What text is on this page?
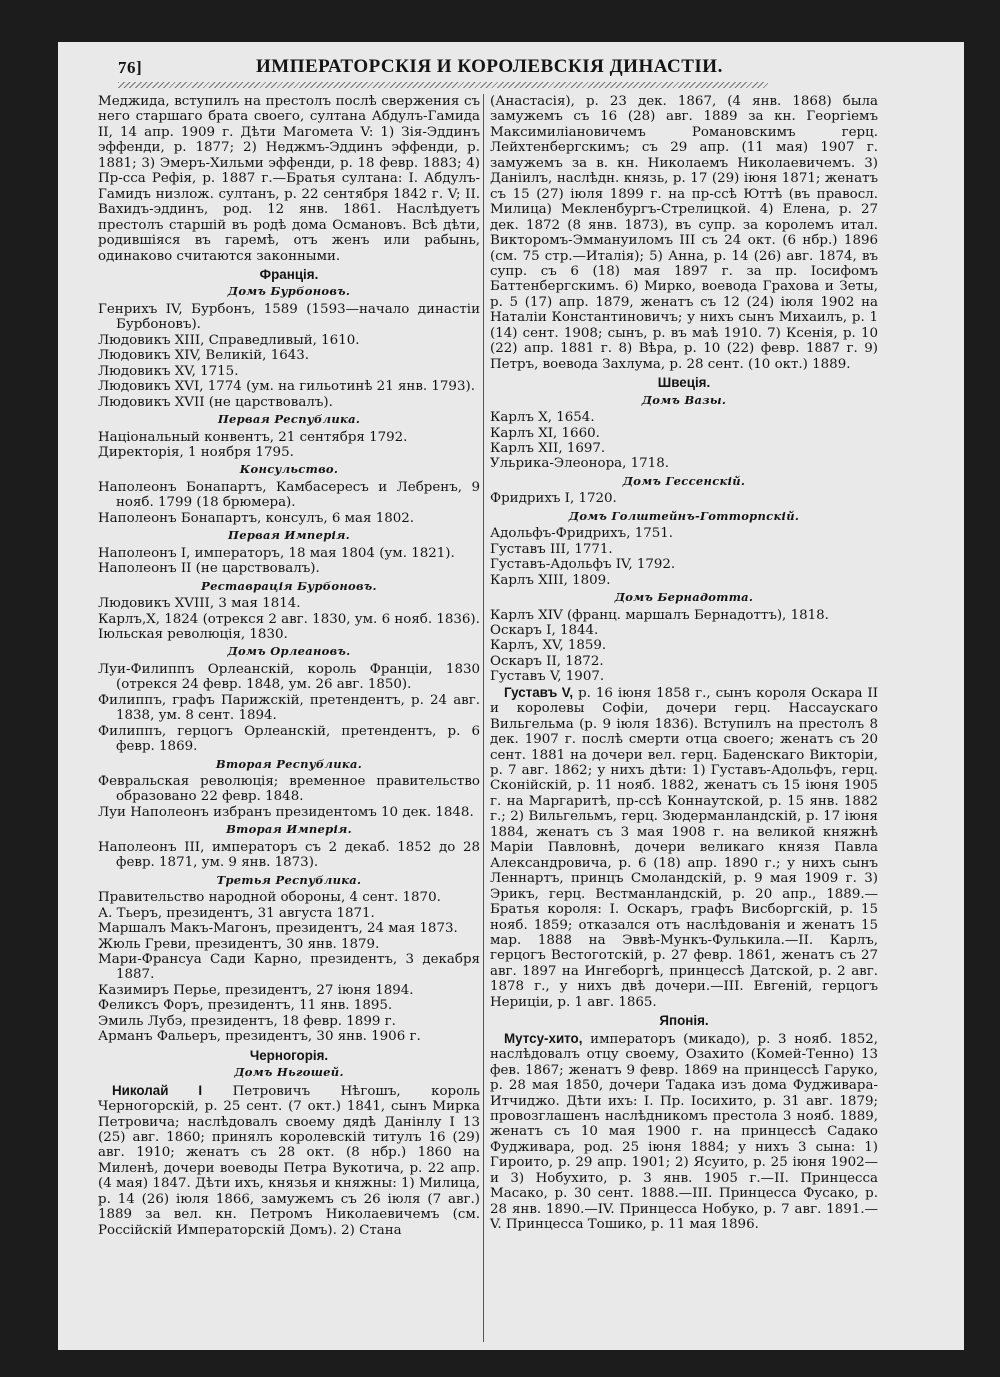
76]	ИМПЕРАТОРСКІЯ И КОРОЛЕВСКІЯ ДИНАСТІИ.

Меджида, вступилъ на престолъ послѣ свержения съ него старшаго брата своего, султана Абдулъ-Гамида II, 14 апр. 1909 г. Дѣти Магомета V: 1) Зія-Эддинъ эффенди, р. 1877; 2) Неджмъ-Эддинъ эффенди, р. 1881; 3) Эмеръ-Хильми эффенди, р. 18 февр. 1883; 4) Пр-сса Рефія, р. 1887 г.—Братья султана: I. Абдулъ-Гамидъ низлож. султанъ, р. 22 сентября 1842 г. V; II. Вахидъ-эддинъ, род. 12 янв. 1861. Наслѣдуетъ престолъ старшій въ родѣ дома Османовъ. Всѣ дѣти, родившіяся въ гаремѣ, отъ женъ или рабынь, одинаково считаются законными.

Франція.
Домъ Бурбоновъ.

Генрихъ IV, Бурбонъ, 1589 (1593—начало династіи Бурбоновъ).

Людовикъ XIII, Справедливый, 1610.

Людовикъ XIV, Великій, 1643.

Людовикъ XV, 1715.

Людовикъ XVI, 1774 (ум. на гильотинѣ 21 янв. 1793).

Людовикъ XVII (не царствовалъ).

Первая Республика.

Національный конвентъ, 21 сентября 1792.

Директорія, 1 ноября 1795.

Консульство.

Наполеонъ Бонапартъ, Камбасересъ и Лебренъ, 9 нояб. 1799 (18 брюмера).

Наполеонъ Бонапартъ, консулъ, 6 мая 1802.

Первая Имперія.

Наполеонъ I, императоръ, 18 мая 1804 (ум. 1821).

Наполеонъ II (не царствовалъ).

Реставрація Бурбоновъ.

Людовикъ XVIII, 3 мая 1814.

Карлъ,X, 1824 (отрекся 2 авг. 1830, ум. 6 нояб. 1836).

Іюльская революція, 1830.

Домъ Орлеановъ.

Луи-Филиппъ Орлеанскій, король Франціи, 1830 (отрекся 24 февр. 1848, ум. 26 авг. 1850).

Филиппъ, графъ Парижскій, претендентъ, р. 24 авг. 1838, ум. 8 сент. 1894.

Филиппъ, герцогъ Орлеанскій, претендентъ, р. 6 февр. 1869.

Вторая Республика.

Февральская революція; временное правительство образовано 22 февр. 1848.

Луи Наполеонъ избранъ президентомъ 10 дек. 1848.

Вторая Имперія.

Наполеонъ III, императоръ съ 2 декаб. 1852 до 28 февр. 1871, ум. 9 янв. 1873).

Третья Республика.

Правительство народной обороны, 4 сент. 1870.

А. Тьеръ, президентъ, 31 августа 1871.

Маршалъ Макъ-Магонъ, президентъ, 24 мая 1873.

Жюль Греви, президентъ, 30 янв. 1879.

Мари-Франсуа Сади Карно, президентъ, 3 декабря 1887.

Казимиръ Перье, президентъ, 27 іюня 1894.

Феликсъ Форъ, президентъ, 11 янв. 1895.

Эмиль Лубэ, президентъ, 18 февр. 1899 г.

Арманъ Фальеръ, президентъ, 30 янв. 1906 г.

Черногорія.
Домъ Ньгошей.

Николай I Петровичъ Нѣгошъ, король Черногорскій, р. 25 сент. (7 окт.) 1841, сынъ Мирка Петровича; наслѣдовалъ своему дядѣ Данінлу I 13 (25) авг. 1860; принялъ королевскій титулъ 16 (29) авг. 1910; женатъ съ 28 окт. (8 нбр.) 1860 на Миленѣ, дочери воеводы Петра Вукотича, р. 22 апр. (4 мая) 1847. Дѣти ихъ, князья и княжны: 1) Милица, р. 14 (26) іюля 1866, замужемъ съ 26 іюля (7 авг.) 1889 за вел. кн. Петромъ Николаевичемъ (см. Россійскій Императорскій Домъ). 2) Стана

(Анастасія), р. 23 дек. 1867, (4 янв. 1868) была замужемъ съ 16 (28) авг. 1889 за кн. Георгіемъ Максимиліановичемъ Романовскимъ герц. Лейхтенбергскимъ; съ 29 апр. (11 мая) 1907 г. замужемъ за в. кн. Николаемъ Николаевичемъ. 3) Даніилъ, наслѣдн. князь, р. 17 (29) іюня 1871; женатъ съ 15 (27) іюля 1899 г. на пр-ссѣ Юттѣ (въ правосл. Милица) Мекленбургъ-Стрелицкой. 4) Елена, р. 27 дек. 1872 (8 янв. 1873), въ супр. за королемъ итал. Викторомъ-Эммануиломъ III съ 24 окт. (6 нбр.) 1896 (см. 75 стр.—Италія); 5) Анна, р. 14 (26) авг. 1874, въ супр. съ 6 (18) мая 1897 г. за пр. Іосифомъ Баттенбергскимъ. 6) Мирко, воевода Грахова и Зеты, р. 5 (17) апр. 1879, женатъ съ 12 (24) іюля 1902 на Наталіи Константиновичъ; у нихъ сынъ Михаилъ, р. 1 (14) сент. 1908; сынъ, р. въ маѣ 1910. 7) Ксенія, р. 10 (22) апр. 1881 г. 8) Вѣра, р. 10 (22) февр. 1887 г. 9) Петръ, воевода Захлума, р. 28 сент. (10 окт.) 1889.

Швеція.
Домъ Вазы.

Карлъ X, 1654.

Карлъ XI, 1660.

Карлъ XII, 1697.

Ульрика-Элеонора, 1718.

Домъ Гессенскій.

Фридрихъ I, 1720.

Домъ Голштейнъ-Готторпскій.

Адольфъ-Фридрихъ, 1751.

Густавъ III, 1771.

Густавъ-Адольфъ IV, 1792.

Карлъ XIII, 1809.

Домъ Бернадотта.

Карлъ XIV (франц. маршалъ Бернадоттъ), 1818.

Оскаръ I, 1844.

Карлъ, XV, 1859.

Оскаръ II, 1872.

Густавъ V, 1907.

Густавъ V, р. 16 іюня 1858 г., сынъ короля Оскара II и королевы Софіи, дочери герц. Нассаускаго Вильгельма (р. 9 іюля 1836). Вступилъ на престолъ 8 дек. 1907 г. послѣ смерти отца своего; женатъ съ 20 сент. 1881 на дочери вел. герц. Баденскаго Викторіи, р. 7 авг. 1862; у нихъ дѣти: 1) Густавъ-Адольфъ, герц. Сконійскій, р. 11 нояб. 1882, женатъ съ 15 іюня 1905 г. на Маргаритѣ, пр-ссѣ Коннаутской, р. 15 янв. 1882 г.; 2) Вильгельмъ, герц. Зюдерманландскій, р. 17 іюня 1884, женатъ съ 3 мая 1908 г. на великой княжнѣ Маріи Павловнѣ, дочери великаго князя Павла Александровича, р. 6 (18) апр. 1890 г.; у нихъ сынъ Леннартъ, принцъ Смоландскій, р. 9 мая 1909 г. 3) Эрикъ, герц. Вестманландскій, р. 20 апр., 1889.—Братья короля: I. Оскаръ, графъ Висборгскій, р. 15 нояб. 1859; отказался отъ наслѣдованія и женатъ 15 мар. 1888 на Эввѣ-Мункъ-Фулькила.—II. Карлъ, герцогъ Вестоготскій, р. 27 февр. 1861, женатъ съ 27 авг. 1897 на Ингеборгѣ, принцессѣ Датской, р. 2 авг. 1878 г., у нихъ двѣ дочери.—III. Евгеній, герцогъ Нериціи, р. 1 авг. 1865.

Японія.

Мутсу-хито, императоръ (микадо), р. 3 нояб. 1852, наслѣдовалъ отцу своему, Озахито (Комей-Тенно) 13 фев. 1867; женатъ 9 февр. 1869 на принцессѣ Гаруко, р. 28 мая 1850, дочери Тадака изъ дома Фудживара-Итчиджо. Дѣти ихъ: I. Пр. Іосихито, р. 31 авг. 1879; провозглашенъ наслѣдникомъ престола 3 нояб. 1889, женатъ съ 10 мая 1900 г. на принцессѣ Садако Фудживара, род. 25 іюня 1884; у нихъ 3 сына: 1) Гироито, р. 29 апр. 1901; 2) Ясуито, р. 25 іюня 1902—и 3) Нобухито, р. 3 янв. 1905 г.—II. Принцесса Масако, р. 30 сент. 1888.—III. Принцесса Фусако, р. 28 янв. 1890.—IV. Принцесса Нобуко, р. 7 авг. 1891.—V. Принцесса Тошико, р. 11 мая 1896.
